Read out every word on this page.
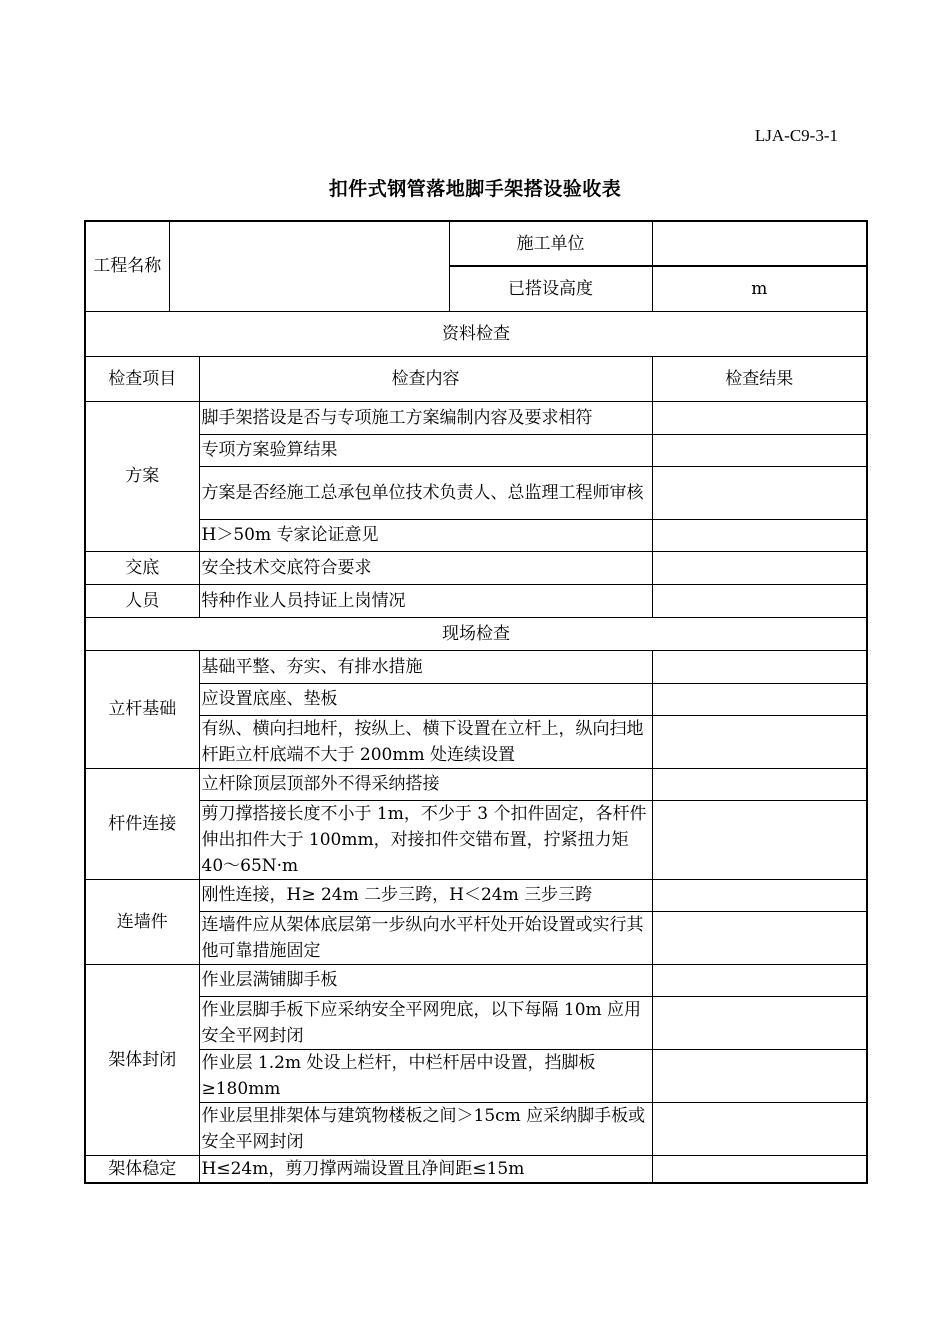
LJA-C9-3-1
扣件式钢管落地脚手架搭设验收表
工程名称			施工单位	
			已搭设高度	m
资料检查				
检查项目		检查内容		检查结果
方案		脚手架搭设是否与专项施工方案编制内容及要求相符		
		专项方案验算结果		
		方案是否经施工总承包单位技术负责人、总监理工程师审核		
		H＞50m 专家论证意见		
交底		安全技术交底符合要求		
人员		特种作业人员持证上岗情况		
现场检查				
立杆基础		基础平整、夯实、有排水措施		
		应设置底座、垫板		
		有纵、横向扫地杆，按纵上、横下设置在立杆上，纵向扫地杆距立杆底端不大于 200mm 处连续设置		
杆件连接		立杆除顶层顶部外不得采纳搭接		
		剪刀撑搭接长度不小于 1m，不少于 3 个扣件固定，各杆件伸出扣件大于 100mm，对接扣件交错布置，拧紧扭力矩 40～65N·m		
连墙件		刚性连接，H≥ 24m 二步三跨，H＜24m 三步三跨		
		连墙件应从架体底层第一步纵向水平杆处开始设置或实行其他可靠措施固定		
架体封闭		作业层满铺脚手板		
		作业层脚手板下应采纳安全平网兜底，以下每隔 10m 应用安全平网封闭		
		作业层 1.2m 处设上栏杆，中栏杆居中设置，挡脚板≥180mm		
		作业层里排架体与建筑物楼板之间＞15cm 应采纳脚手板或安全平网封闭		
架体稳定		H≤24m，剪刀撑两端设置且净间距≤15m		
